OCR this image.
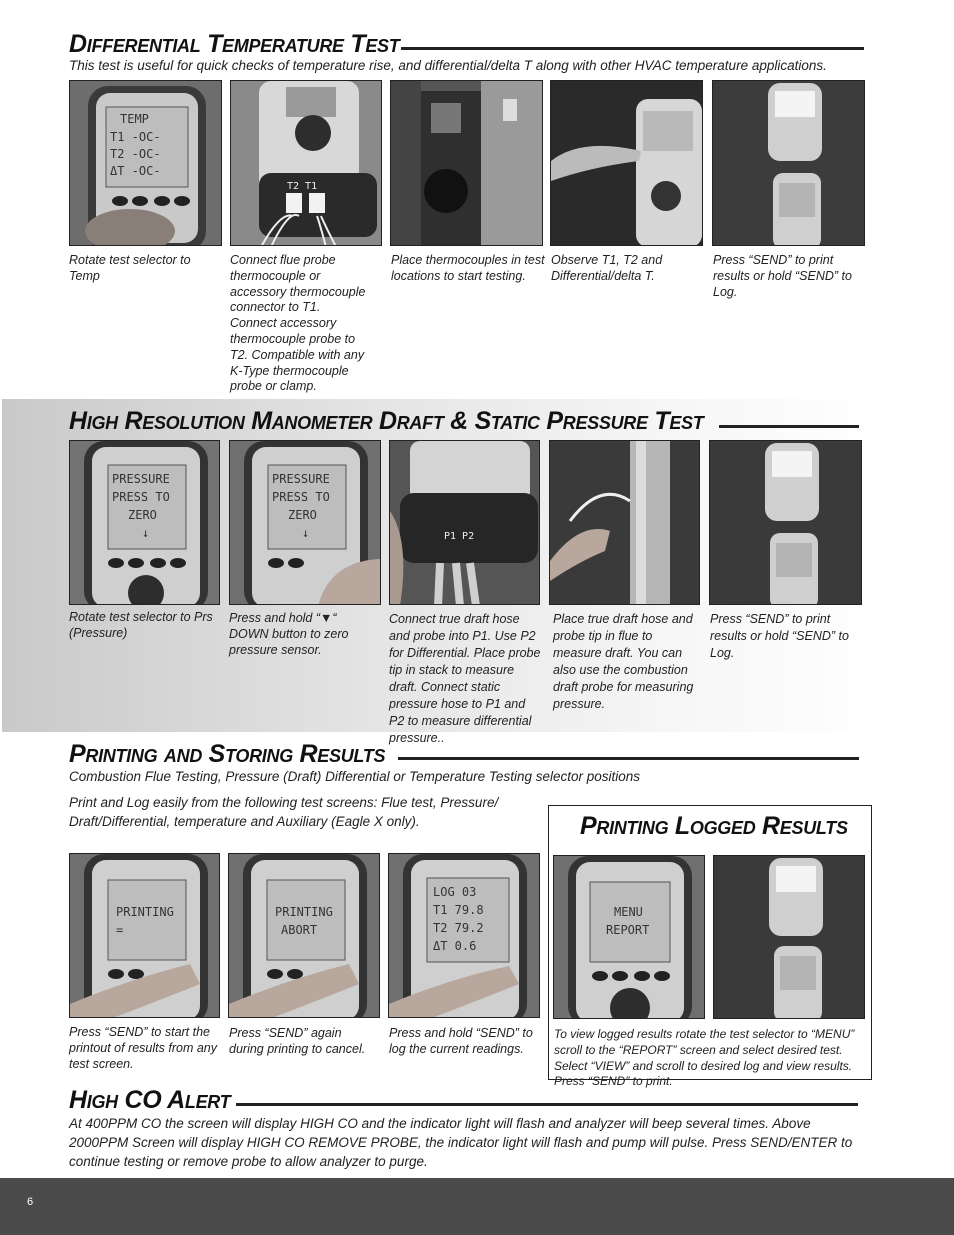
Differential Temperature Test
This test is useful for quick checks of temperature rise, and differential/delta T along with other HVAC temperature applications.
TEMP
T1 -OC-
T2 -OC-
ΔT -OC-
T2 T1
Rotate test selector to Temp
Connect flue probe thermocouple or accessory thermocouple connector to T1. Connect accessory thermocouple probe to T2. Compatible with any K-Type thermocouple probe or clamp.
Place thermocouples in test locations to start testing.
Observe T1, T2 and Differential/delta T.
Press “SEND” to print results or hold “SEND” to Log.
High Resolution Manometer Draft & Static Pressure Test
PRESSURE
PRESS TO
ZERO
↓
PRESSURE
PRESS TO
ZERO
↓	P1 P2
Rotate test selector to Prs (Pressure)
Press and hold “▼“ DOWN button to zero pressure sensor.
Connect true draft hose and probe into P1. Use P2 for Differential. Place probe tip in stack to measure draft. Connect static pressure hose to P1 and P2 to measure differential pressure..
Place true draft hose and probe tip in flue to measure draft. You can also use the combustion draft probe for measuring pressure.
Press “SEND” to print results or hold “SEND” to Log.
Printing and Storing Results
Combustion Flue Testing, Pressure (Draft) Differential or Temperature Testing selector positions
Print and Log easily from the following test screens: Flue test, Pressure/ Draft/Differential, temperature and Auxiliary (Eagle X only).
PRINTING
=
PRINTING
ABORT
LOG 03
T1 79.8
T2 79.2
ΔT 0.6
Press “SEND” to start the printout of results from any test screen.
Press “SEND” again during printing to cancel.
Press and hold “SEND” to log the current readings.
Printing Logged Results
MENU
REPORT
To view logged results rotate the test selector to “MENU” scroll to the “REPORT” screen and select desired test. Select “VIEW” and scroll to desired log and view results. Press “SEND” to print.
High CO Alert
At 400PPM CO the screen will display HIGH CO and the indicator light will flash and analyzer will beep several times. Above 2000PPM Screen will display HIGH CO REMOVE PROBE, the indicator light will flash and pump will pulse. Press SEND/ENTER to continue testing or remove probe to allow analyzer to purge.
6
